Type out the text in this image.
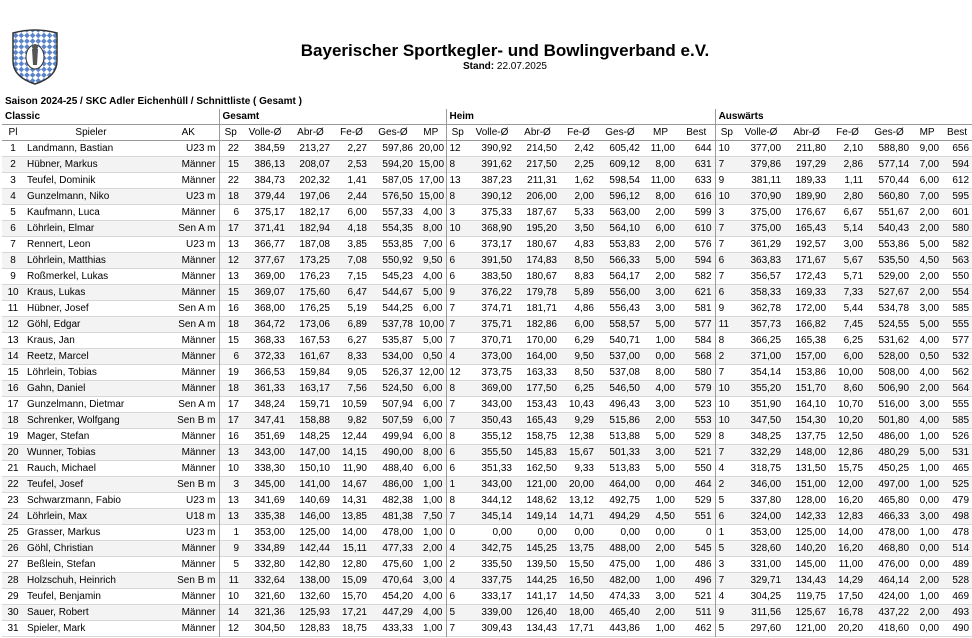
Bayerischer Sportkegler- und Bowlingverband e.V.
Stand: 22.07.2025
Saison 2024-25 / SKC Adler Eichenhüll / Schnittliste ( Gesamt )
Classic			Gesamt						Heim							Auswärts						
Pl	Spieler	AK	Sp	Volle-Ø	Abr-Ø	Fe-Ø	Ges-Ø	MP	Sp	Volle-Ø	Abr-Ø	Fe-Ø	Ges-Ø	MP	Best	Sp	Volle-Ø	Abr-Ø	Fe-Ø	Ges-Ø	MP	Best
1	Landmann, Bastian	U23 m	22	384,59	213,27	2,27	597,86	20,00	12	390,92	214,50	2,42	605,42	11,00	644	10	377,00	211,80	2,10	588,80	9,00	656
2	Hübner, Markus	Männer	15	386,13	208,07	2,53	594,20	15,00	8	391,62	217,50	2,25	609,12	8,00	631	7	379,86	197,29	2,86	577,14	7,00	594
3	Teufel, Dominik	Männer	22	384,73	202,32	1,41	587,05	17,00	13	387,23	211,31	1,62	598,54	11,00	633	9	381,11	189,33	1,11	570,44	6,00	612
4	Gunzelmann, Niko	U23 m	18	379,44	197,06	2,44	576,50	15,00	8	390,12	206,00	2,00	596,12	8,00	616	10	370,90	189,90	2,80	560,80	7,00	595
5	Kaufmann, Luca	Männer	6	375,17	182,17	6,00	557,33	4,00	3	375,33	187,67	5,33	563,00	2,00	599	3	375,00	176,67	6,67	551,67	2,00	601
6	Löhrlein, Elmar	Sen A m	17	371,41	182,94	4,18	554,35	8,00	10	368,90	195,20	3,50	564,10	6,00	610	7	375,00	165,43	5,14	540,43	2,00	580
7	Rennert, Leon	U23 m	13	366,77	187,08	3,85	553,85	7,00	6	373,17	180,67	4,83	553,83	2,00	576	7	361,29	192,57	3,00	553,86	5,00	582
8	Löhrlein, Matthias	Männer	12	377,67	173,25	7,08	550,92	9,50	6	391,50	174,83	8,50	566,33	5,00	594	6	363,83	171,67	5,67	535,50	4,50	563
9	Roßmerkel, Lukas	Männer	13	369,00	176,23	7,15	545,23	4,00	6	383,50	180,67	8,83	564,17	2,00	582	7	356,57	172,43	5,71	529,00	2,00	550
10	Kraus, Lukas	Männer	15	369,07	175,60	6,47	544,67	5,00	9	376,22	179,78	5,89	556,00	3,00	621	6	358,33	169,33	7,33	527,67	2,00	554
11	Hübner, Josef	Sen A m	16	368,00	176,25	5,19	544,25	6,00	7	374,71	181,71	4,86	556,43	3,00	581	9	362,78	172,00	5,44	534,78	3,00	585
12	Göhl, Edgar	Sen A m	18	364,72	173,06	6,89	537,78	10,00	7	375,71	182,86	6,00	558,57	5,00	577	11	357,73	166,82	7,45	524,55	5,00	555
13	Kraus, Jan	Männer	15	368,33	167,53	6,27	535,87	5,00	7	370,71	170,00	6,29	540,71	1,00	584	8	366,25	165,38	6,25	531,62	4,00	577
14	Reetz, Marcel	Männer	6	372,33	161,67	8,33	534,00	0,50	4	373,00	164,00	9,50	537,00	0,00	568	2	371,00	157,00	6,00	528,00	0,50	532
15	Löhrlein, Tobias	Männer	19	366,53	159,84	9,05	526,37	12,00	12	373,75	163,33	8,50	537,08	8,00	580	7	354,14	153,86	10,00	508,00	4,00	562
16	Gahn, Daniel	Männer	18	361,33	163,17	7,56	524,50	6,00	8	369,00	177,50	6,25	546,50	4,00	579	10	355,20	151,70	8,60	506,90	2,00	564
17	Gunzelmann, Dietmar	Sen A m	17	348,24	159,71	10,59	507,94	6,00	7	343,00	153,43	10,43	496,43	3,00	523	10	351,90	164,10	10,70	516,00	3,00	555
18	Schrenker, Wolfgang	Sen B m	17	347,41	158,88	9,82	507,59	6,00	7	350,43	165,43	9,29	515,86	2,00	553	10	347,50	154,30	10,20	501,80	4,00	585
19	Mager, Stefan	Männer	16	351,69	148,25	12,44	499,94	6,00	8	355,12	158,75	12,38	513,88	5,00	529	8	348,25	137,75	12,50	486,00	1,00	526
20	Wunner, Tobias	Männer	13	343,00	147,00	14,15	490,00	8,00	6	355,50	145,83	15,67	501,33	3,00	521	7	332,29	148,00	12,86	480,29	5,00	531
21	Rauch, Michael	Männer	10	338,30	150,10	11,90	488,40	6,00	6	351,33	162,50	9,33	513,83	5,00	550	4	318,75	131,50	15,75	450,25	1,00	465
22	Teufel, Josef	Sen B m	3	345,00	141,00	14,67	486,00	1,00	1	343,00	121,00	20,00	464,00	0,00	464	2	346,00	151,00	12,00	497,00	1,00	525
23	Schwarzmann, Fabio	U23 m	13	341,69	140,69	14,31	482,38	1,00	8	344,12	148,62	13,12	492,75	1,00	529	5	337,80	128,00	16,20	465,80	0,00	479
24	Löhrlein, Max	U18 m	13	335,38	146,00	13,85	481,38	7,50	7	345,14	149,14	14,71	494,29	4,50	551	6	324,00	142,33	12,83	466,33	3,00	498
25	Grasser, Markus	U23 m	1	353,00	125,00	14,00	478,00	1,00	0	0,00	0,00	0,00	0,00	0,00	0	1	353,00	125,00	14,00	478,00	1,00	478
26	Göhl, Christian	Männer	9	334,89	142,44	15,11	477,33	2,00	4	342,75	145,25	13,75	488,00	2,00	545	5	328,60	140,20	16,20	468,80	0,00	514
27	Beßlein, Stefan	Männer	5	332,80	142,80	12,80	475,60	1,00	2	335,50	139,50	15,50	475,00	1,00	486	3	331,00	145,00	11,00	476,00	0,00	489
28	Holzschuh, Heinrich	Sen B m	11	332,64	138,00	15,09	470,64	3,00	4	337,75	144,25	16,50	482,00	1,00	496	7	329,71	134,43	14,29	464,14	2,00	528
29	Teufel, Benjamin	Männer	10	321,60	132,60	15,70	454,20	4,00	6	333,17	141,17	14,50	474,33	3,00	521	4	304,25	119,75	17,50	424,00	1,00	469
30	Sauer, Robert	Männer	14	321,36	125,93	17,21	447,29	4,00	5	339,00	126,40	18,00	465,40	2,00	511	9	311,56	125,67	16,78	437,22	2,00	493
31	Spieler, Mark	Männer	12	304,50	128,83	18,75	433,33	1,00	7	309,43	134,43	17,71	443,86	1,00	462	5	297,60	121,00	20,20	418,60	0,00	490
